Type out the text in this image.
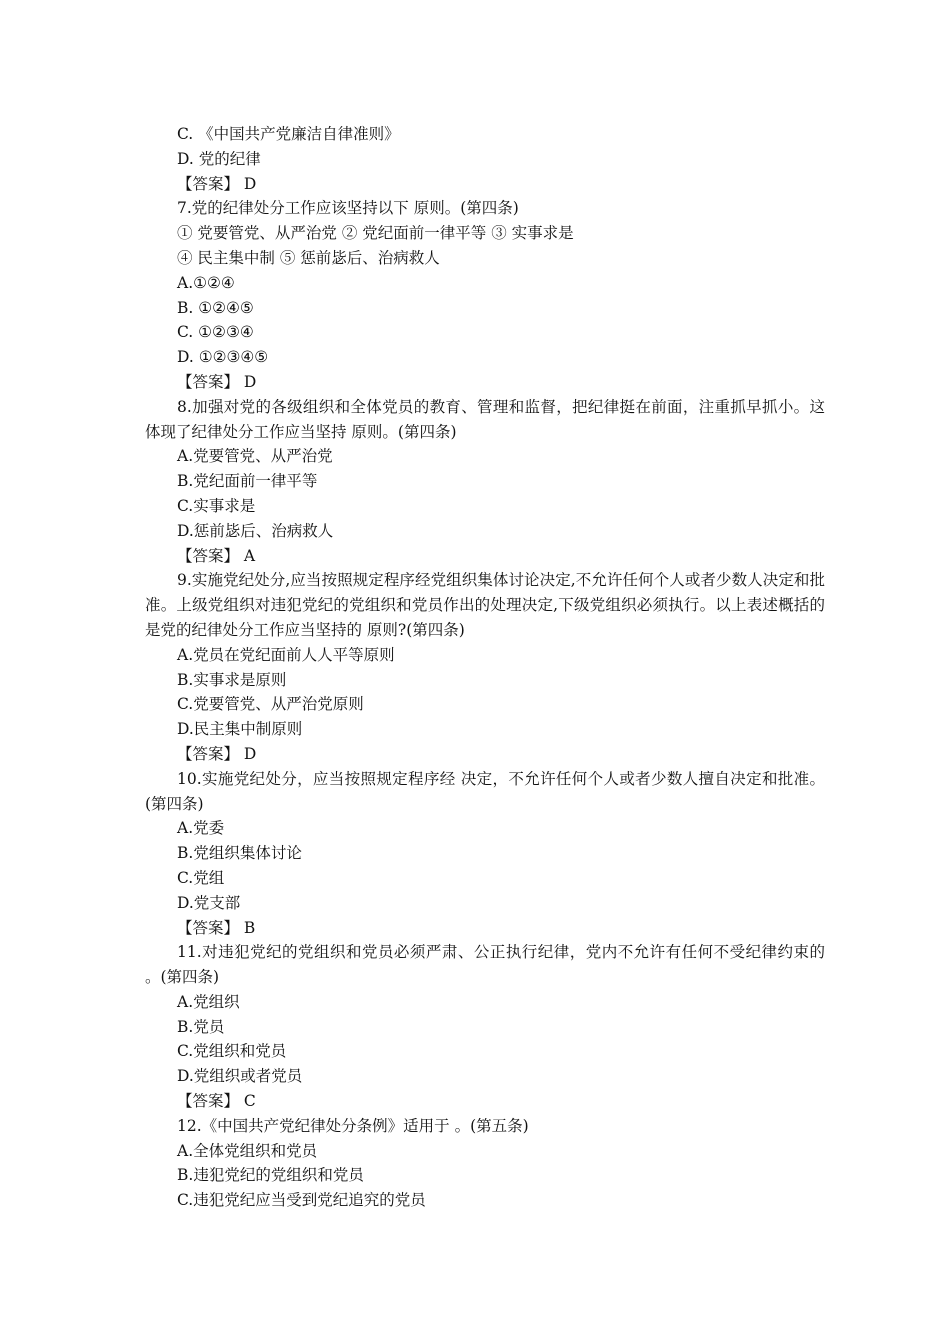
C. 《中国共产党廉洁自律准则》
D. 党的纪律
【答案】 D
7.党的纪律处分工作应该坚持以下 原则。(第四条)
① 党要管党、从严治党 ② 党纪面前一律平等 ③ 实事求是
④ 民主集中制 ⑤ 惩前毖后、治病救人
A.①②④
B. ①②④⑤
C. ①②③④
D. ①②③④⑤
【答案】 D
8.加强对党的各级组织和全体党员的教育、管理和监督，把纪律挺在前面，注重抓早抓小。这体现了纪律处分工作应当坚持 原则。(第四条)
A.党要管党、从严治党
B.党纪面前一律平等
C.实事求是
D.惩前毖后、治病救人
【答案】 A
9.实施党纪处分,应当按照规定程序经党组织集体讨论决定,不允许任何个人或者少数人决定和批准。上级党组织对违犯党纪的党组织和党员作出的处理决定,下级党组织必须执行。以上表述概括的是党的纪律处分工作应当坚持的 原则?(第四条)
A.党员在党纪面前人人平等原则
B.实事求是原则
C.党要管党、从严治党原则
D.民主集中制原则
【答案】 D
10.实施党纪处分，应当按照规定程序经 决定，不允许任何个人或者少数人擅自决定和批准。(第四条)
A.党委
B.党组织集体讨论
C.党组
D.党支部
【答案】 B
11.对违犯党纪的党组织和党员必须严肃、公正执行纪律，党内不允许有任何不受纪律约束的 。(第四条)
A.党组织
B.党员
C.党组织和党员
D.党组织或者党员
【答案】 C
12.《中国共产党纪律处分条例》适用于 。(第五条)
A.全体党组织和党员
B.违犯党纪的党组织和党员
C.违犯党纪应当受到党纪追究的党员
